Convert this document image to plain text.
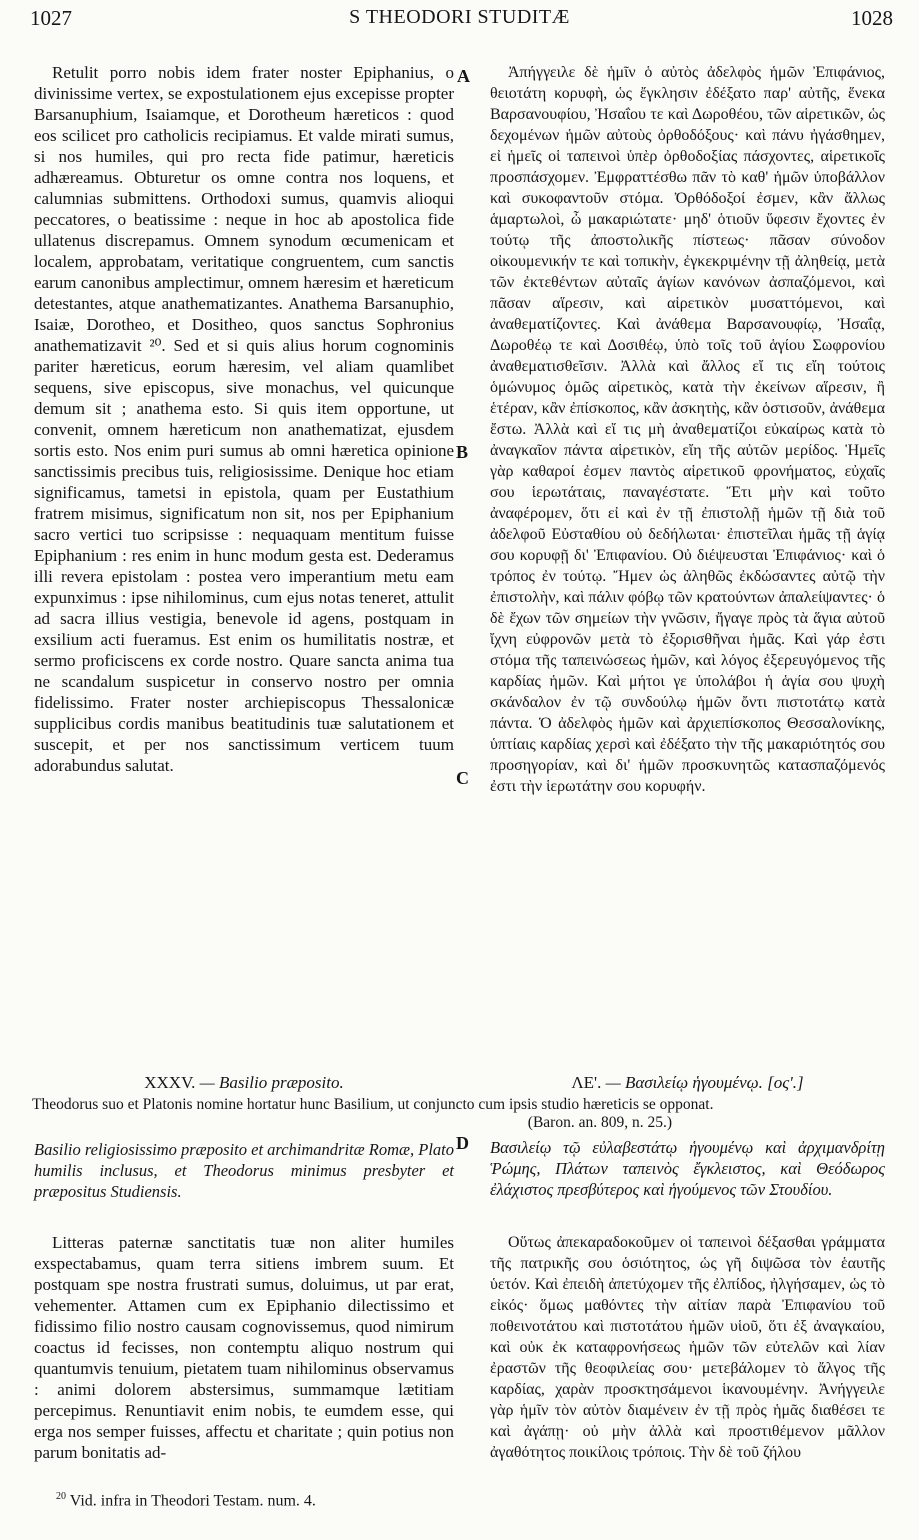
S THEODORI STUDITÆ
1027	1028

Retulit porro nobis idem frater noster Epiphanius, o divinissime vertex, se expostulationem ejus excepisse propter Barsanuphium, Isaiamque, et Dorotheum hæreticos : quod eos scilicet pro catholicis recipiamus. Et valde mirati sumus, si nos humiles, qui pro recta fide patimur, hæreticis adhæreamus. Obturetur os omne contra nos loquens, et calumnias submittens. Orthodoxi sumus, quamvis alioqui peccatores, o beatissime : neque in hoc ab apostolica fide ullatenus discrepamus. Omnem synodum œcumenicam et localem, approbatam, veritatique congruentem, cum sanctis earum canonibus amplectimur, omnem hæresim et hæreticum detestantes, atque anathematizantes. Anathema Barsanuphio, Isaiæ, Dorotheo, et Dositheo, quos sanctus Sophronius anathematizavit ²⁰. Sed et si quis alius horum cognominis pariter hæreticus, eorum hæresim, vel aliam quamlibet sequens, sive episcopus, sive monachus, vel quicunque demum sit ; anathema esto. Si quis item opportune, ut convenit, omnem hæreticum non anathematizat, ejusdem sortis esto. Nos enim puri sumus ab omni hæretica opinione sanctissimis precibus tuis, religiosissime. Denique hoc etiam significamus, tametsi in epistola, quam per Eustathium fratrem misimus, significatum non sit, nos per Epiphanium sacro vertici tuo scripsisse : nequaquam mentitum fuisse Epiphanium : res enim in hunc modum gesta est. Dederamus illi revera epistolam : postea vero imperantium metu eam expunximus : ipse nihilominus, cum ejus notas teneret, attulit ad sacra illius vestigia, benevole id agens, postquam in exsilium acti fueramus. Est enim os humilitatis nostræ, et sermo proficiscens ex corde nostro. Quare sancta anima tua ne scandalum suspicetur in conservo nostro per omnia fidelissimo. Frater noster archiepiscopus Thessalonicæ supplicibus cordis manibus beatitudinis tuæ salutationem et suscepit, et per nos sanctissimum verticem tuum adorabundus salutat.

Ἀπήγγειλε δὲ ἡμῖν ὁ αὐτὸς ἀδελφὸς ἡμῶν Ἐπιφάνιος, θειοτάτη κορυφὴ, ὡς ἔγκλησιν ἐδέξατο παρ' αὐτῆς, ἕνεκα Βαρσανουφίου, Ἠσαΐου τε καὶ Δωροθέου, τῶν αἱρετικῶν, ὡς δεχομένων ἡμῶν αὐτοὺς ὀρθοδόξους· καὶ πάνυ ἠγάσθημεν, εἰ ἡμεῖς οἱ ταπεινοὶ ὑπὲρ ὀρθοδοξίας πάσχοντες, αἱρετικοῖς προσπάσχομεν. Ἐμφραττέσθω πᾶν τὸ καθ' ἡμῶν ὑποβάλλον καὶ συκοφαντοῦν στόμα. Ὀρθόδοξοί ἐσμεν, κἂν ἄλλως ἁμαρτωλοὶ, ὦ μακαριώτατε· μηδ' ὁτιοῦν ὕφεσιν ἔχοντες ἐν τούτῳ τῆς ἀποστολικῆς πίστεως· πᾶσαν σύνοδον οἰκουμενικήν τε καὶ τοπικὴν, ἐγκεκριμένην τῇ ἀληθείᾳ, μετὰ τῶν ἐκτεθέντων αὐταῖς ἁγίων κανόνων ἀσπαζόμενοι, καὶ πᾶσαν αἵρεσιν, καὶ αἱρετικὸν μυσαττόμενοι, καὶ ἀναθεματίζοντες. Καὶ ἀνάθεμα Βαρσανουφίῳ, Ἠσαΐᾳ, Δωροθέῳ τε καὶ Δοσιθέῳ, ὑπὸ τοῖς τοῦ ἁγίου Σωφρονίου ἀναθεματισθεῖσιν. Ἀλλὰ καὶ ἄλλος εἴ τις εἴη τούτοις ὁμώνυμος ὁμῶς αἱρετικὸς, κατὰ τὴν ἐκείνων αἵρεσιν, ἢ ἑτέραν, κἂν ἐπίσκοπος, κἂν ἀσκητὴς, κἂν ὁστισοῦν, ἀνάθεμα ἔστω. Ἀλλὰ καὶ εἴ τις μὴ ἀναθεματίζοι εὐκαίρως κατὰ τὸ ἀναγκαῖον πάντα αἱρετικὸν, εἴη τῆς αὐτῶν μερίδος. Ἡμεῖς γὰρ καθαροί ἐσμεν παντὸς αἱρετικοῦ φρονήματος, εὐχαῖς σου ἱερωτάταις, παναγέστατε. Ἔτι μὴν καὶ τοῦτο ἀναφέρομεν, ὅτι εἰ καὶ ἐν τῇ ἐπιστολῇ ἡμῶν τῇ διὰ τοῦ ἀδελφοῦ Εὐσταθίου οὐ δεδήλωται· ἐπιστεῖλαι ἡμᾶς τῇ ἁγίᾳ σου κορυφῇ δι' Ἐπιφανίου. Οὐ διέψευσται Ἐπιφάνιος· καὶ ὁ τρόπος ἐν τούτῳ. Ἤμεν ὡς ἀληθῶς ἐκδώσαντες αὐτῷ τὴν ἐπιστολὴν, καὶ πάλιν φόβῳ τῶν κρατούντων ἀπαλείψαντες· ὁ δὲ ἔχων τῶν σημείων τὴν γνῶσιν, ἤγαγε πρὸς τὰ ἅγια αὐτοῦ ἴχνη εὐφρονῶν μετὰ τὸ ἐξορισθῆναι ἡμᾶς. Καὶ γάρ ἐστι στόμα τῆς ταπεινώσεως ἡμῶν, καὶ λόγος ἐξερευγόμενος τῆς καρδίας ἡμῶν. Καὶ μήτοι γε ὑπολάβοι ἡ ἁγία σου ψυχὴ σκάνδαλον ἐν τῷ συνδούλῳ ἡμῶν ὄντι πιστοτάτῳ κατὰ πάντα. Ὁ ἀδελφὸς ἡμῶν καὶ ἀρχιεπίσκοπος Θεσσαλονίκης, ὑπτίαις καρδίας χερσὶ καὶ ἐδέξατο τὴν τῆς μακαριότητός σου προσηγορίαν, καὶ δι' ἡμῶν προσκυνητῶς κατασπαζόμενός ἐστι τὴν ἱερωτάτην σου κορυφήν.

A
B
C
D
XXXV. — Basilio præposito.	ΛΕ'. — Βασιλείῳ ἡγουμένῳ. [ος'.]
Theodorus suo et Platonis nomine hortatur hunc Basilium, ut conjuncto cum ipsis studio hæreticis se opponat.
(Baron. an. 809, n. 25.)
Basilio religiosissimo præposito et archimandritæ Romæ, Plato humilis inclusus, et Theodorus minimus presbyter et præpositus Studiensis.
Βασιλείῳ τῷ εὐλαβεστάτῳ ἡγουμένῳ καὶ ἀρχιμανδρίτῃ Ῥώμης, Πλάτων ταπεινὸς ἔγκλειστος, καὶ Θεόδωρος ἐλάχιστος πρεσβύτερος καὶ ἡγούμενος τῶν Στουδίου.

Litteras paternæ sanctitatis tuæ non aliter humiles exspectabamus, quam terra sitiens imbrem suum. Et postquam spe nostra frustrati sumus, doluimus, ut par erat, vehementer. Attamen cum ex Epiphanio dilectissimo et fidissimo filio nostro causam cognovissemus, quod nimirum coactus id fecisses, non contemptu aliquo nostrum qui quantumvis tenuium, pietatem tuam nihilominus observamus : animi dolorem abstersimus, summamque lætitiam percepimus. Renuntiavit enim nobis, te eumdem esse, qui erga nos semper fuisses, affectu et charitate ; quin potius non parum bonitatis ad-

Οὕτως ἀπεκαραδοκοῦμεν οἱ ταπεινοὶ δέξασθαι γράμματα τῆς πατρικῆς σου ὁσιότητος, ὡς γῆ διψῶσα τὸν ἑαυτῆς ὑετόν. Καὶ ἐπειδὴ ἀπετύχομεν τῆς ἐλπίδος, ἠλγήσαμεν, ὡς τὸ εἰκός· ὅμως μαθόντες τὴν αἰτίαν παρὰ Ἐπιφανίου τοῦ ποθεινοτάτου καὶ πιστοτάτου ἡμῶν υἱοῦ, ὅτι ἐξ ἀναγκαίου, καὶ οὐκ ἐκ καταφρονήσεως ἡμῶν τῶν εὐτελῶν καὶ λίαν ἐραστῶν τῆς θεοφιλείας σου· μετεβάλομεν τὸ ἄλγος τῆς καρδίας, χαρὰν προσκτησάμενοι ἱκανουμένην. Ἀνήγγειλε γὰρ ἡμῖν τὸν αὐτὸν διαμένειν ἐν τῇ πρὸς ἡμᾶς διαθέσει τε καὶ ἀγάπῃ· οὐ μὴν ἀλλὰ καὶ προστιθέμενον μᾶλλον ἀγαθότητος ποικίλοις τρόποις. Τὴν δὲ τοῦ ζήλου

$^{20}$ Vid. infra in Theodori Testam. num. 4.
